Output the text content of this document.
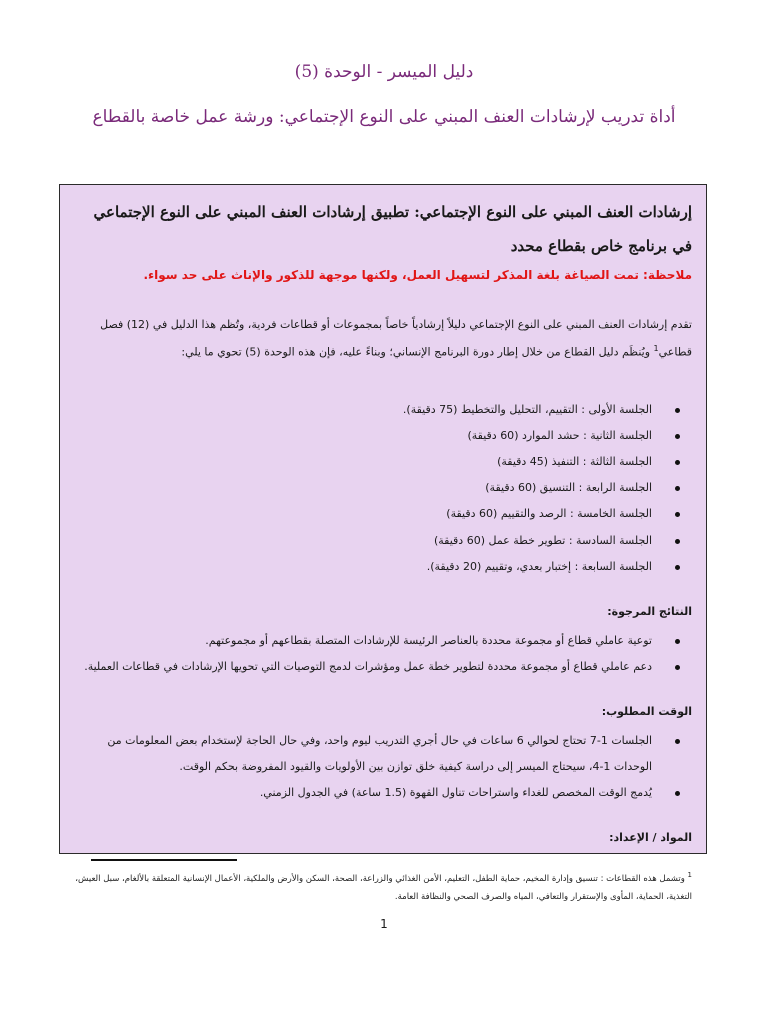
دليل الميسر - الوحدة (5)
أداة تدريب لإرشادات العنف المبني على النوع الإجتماعي: ورشة عمل خاصة بالقطاع

إرشادات العنف المبني على النوع الإجتماعي: تطبيق إرشادات العنف المبني على النوع الإجتماعي في برنامج خاص بقطاع محدد

ملاحظة: تمت الصياغة بلغة المذكر لتسهيل العمل، ولكنها موجهة للذكور والإناث على حد سواء.
تقدم إرشادات العنف المبني على النوع الإجتماعي دليلاً إرشادياً خاصاً بمجموعات أو قطاعات فردية، وتُظم هذا الدليل في (12) فصل قطاعي$^1$ ويُنظَم دليل القطاع من خلال إطار دورة البرنامج الإنساني؛ وبناءً عليه، فإن هذه الوحدة (5) تحوي ما يلي:
الجلسة الأولى : التقييم، التحليل والتخطيط (75 دقيقة).
الجلسة الثانية : حشد الموارد (60 دقيقة)
الجلسة الثالثة : التنفيذ (45 دقيقة)
الجلسة الرابعة : التنسيق (60 دقيقة)
الجلسة الخامسة : الرصد والتقييم (60 دقيقة)
الجلسة السادسة : تطوير خطة عمل (60 دقيقة)
الجلسة السابعة : إختبار بعدي، وتقييم (20 دقيقة).
النتائج المرجوة:
توعية عاملي قطاع أو مجموعة محددة بالعناصر الرئيسة للإرشادات المتصلة بقطاعهم أو مجموعتهم.
دعم عاملي قطاع أو مجموعة محددة لتطوير خطة عمل ومؤشرات لدمج التوصيات التي تحويها الإرشادات في قطاعات العملية.
الوقت المطلوب:
الجلسات 1-7 تحتاج لحوالي 6 ساعات في حال أجري التدريب ليوم واحد، وفي حال الحاجة لإستخدام بعض المعلومات من الوحدات 1-4، سيحتاج الميسر إلى دراسة كيفية خلق توازن بين الأولويات والقيود المفروضة بحكم الوقت.
يُدمج الوقت المخصص للغداء واستراحات تناول القهوة (1.5 ساعة) في الجدول الزمني.
المواد / الإعداد:
$^1$ وتشمل هذه القطاعات : تنسيق وإدارة المخيم، حماية الطفل، التعليم، الأمن الغذائي والزراعة، الصحة، السكن والأرض والملكية، الأعمال الإنسانية المتعلقة بالألغام، سبل العيش، التغذية، الحماية، المأوى والإستقرار والتعافي، المياه والصرف الصحي والنظافة العامة.
1
